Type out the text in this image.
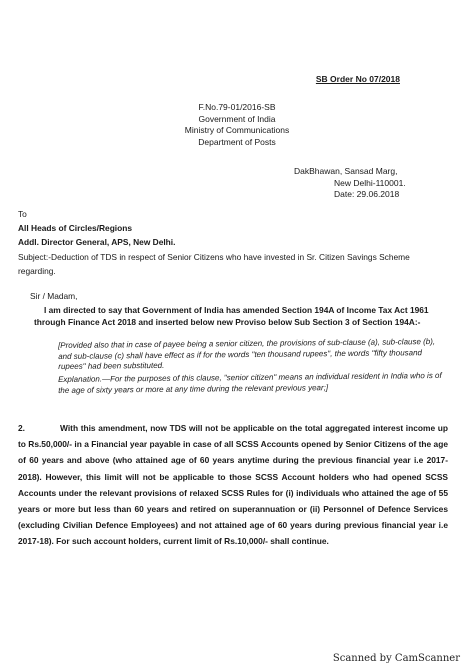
SB Order No 07/2018
F.No.79-01/2016-SB
Government of India
Ministry of Communications
Department of Posts
DakBhawan, Sansad Marg,
New Delhi-110001.
Date: 29.06.2018
To
All Heads of Circles/Regions
Addl. Director General, APS, New Delhi.
Subject:-Deduction of TDS in respect of Senior Citizens who have invested in Sr. Citizen Savings Scheme regarding.
Sir / Madam,
I am directed to say that Government of India has amended Section 194A of Income Tax Act 1961 through Finance Act 2018 and inserted below new Proviso below Sub Section 3 of Section 194A:-
[Provided also that in case of payee being a senior citizen, the provisions of sub-clause (a), sub-clause (b), and sub-clause (c) shall have effect as if for the words "ten thousand rupees", the words "fifty thousand rupees" had been substituted.
Explanation.—For the purposes of this clause, "senior citizen" means an individual resident in India who is of the age of sixty years or more at any time during the relevant previous year;]
2.	With this amendment, now TDS will not be applicable on the total aggregated interest income up to Rs.50,000/- in a Financial year payable in case of all SCSS Accounts opened by Senior Citizens of the age of 60 years and above (who attained age of 60 years anytime during the previous financial year i.e 2017-2018). However, this limit will not be applicable to those SCSS Account holders who had opened SCSS Accounts under the relevant provisions of relaxed SCSS Rules for (i) individuals who attained the age of 55 years or more but less than 60 years and retired on superannuation or (ii) Personnel of Defence Services (excluding Civilian Defence Employees) and not attained age of 60 years during previous financial year i.e 2017-18). For such account holders, current limit of Rs.10,000/- shall continue.
Scanned by CamScanner
